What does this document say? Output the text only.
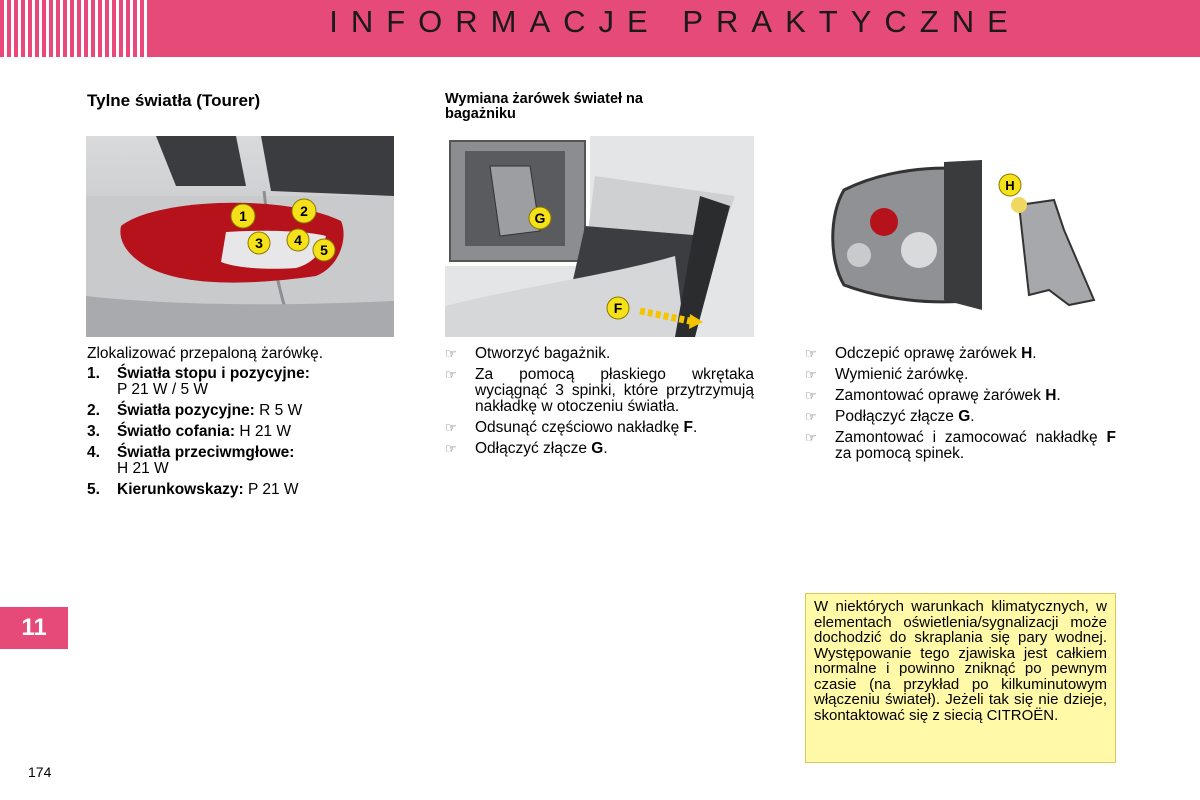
INFORMACJE PRAKTYCZNE
11
174
Tylne światła (Tourer)
1	2
3 4
5
Zlokalizować przepaloną żarówkę.
1.	Światła stopu i pozycyjne:
P 21 W / 5 W
2.	Światła pozycyjne: R 5 W
3.	Światło cofania: H 21 W
4.	Światła przeciwmgłowe:
H 21 W
5.	Kierunkowskazy: P 21 W
Wymiana żarówek świateł na
bagażniku
G
F
☞	Otworzyć bagażnik.
☞	Za pomocą płaskiego wkrętaka wyciągnąć 3 spinki, które przytrzymują nakładkę w otoczeniu światła.
☞	Odsunąć częściowo nakładkę F.
☞	Odłączyć złącze G.
H
☞	Odczepić oprawę żarówek H.
☞	Wymienić żarówkę.
☞	Zamontować oprawę żarówek H.
☞	Podłączyć złącze G.
☞	Zamontować i zamocować nakładkę F za pomocą spinek.
W niektórych warunkach klimatycznych, w elementach oświetlenia/sygnalizacji może dochodzić do skraplania się pary wodnej. Występowanie tego zjawiska jest całkiem normalne i powinno zniknąć po pewnym czasie (na przykład po kilkuminutowym włączeniu świateł). Jeżeli tak się nie dzieje, skontaktować się z siecią CITROËN.
